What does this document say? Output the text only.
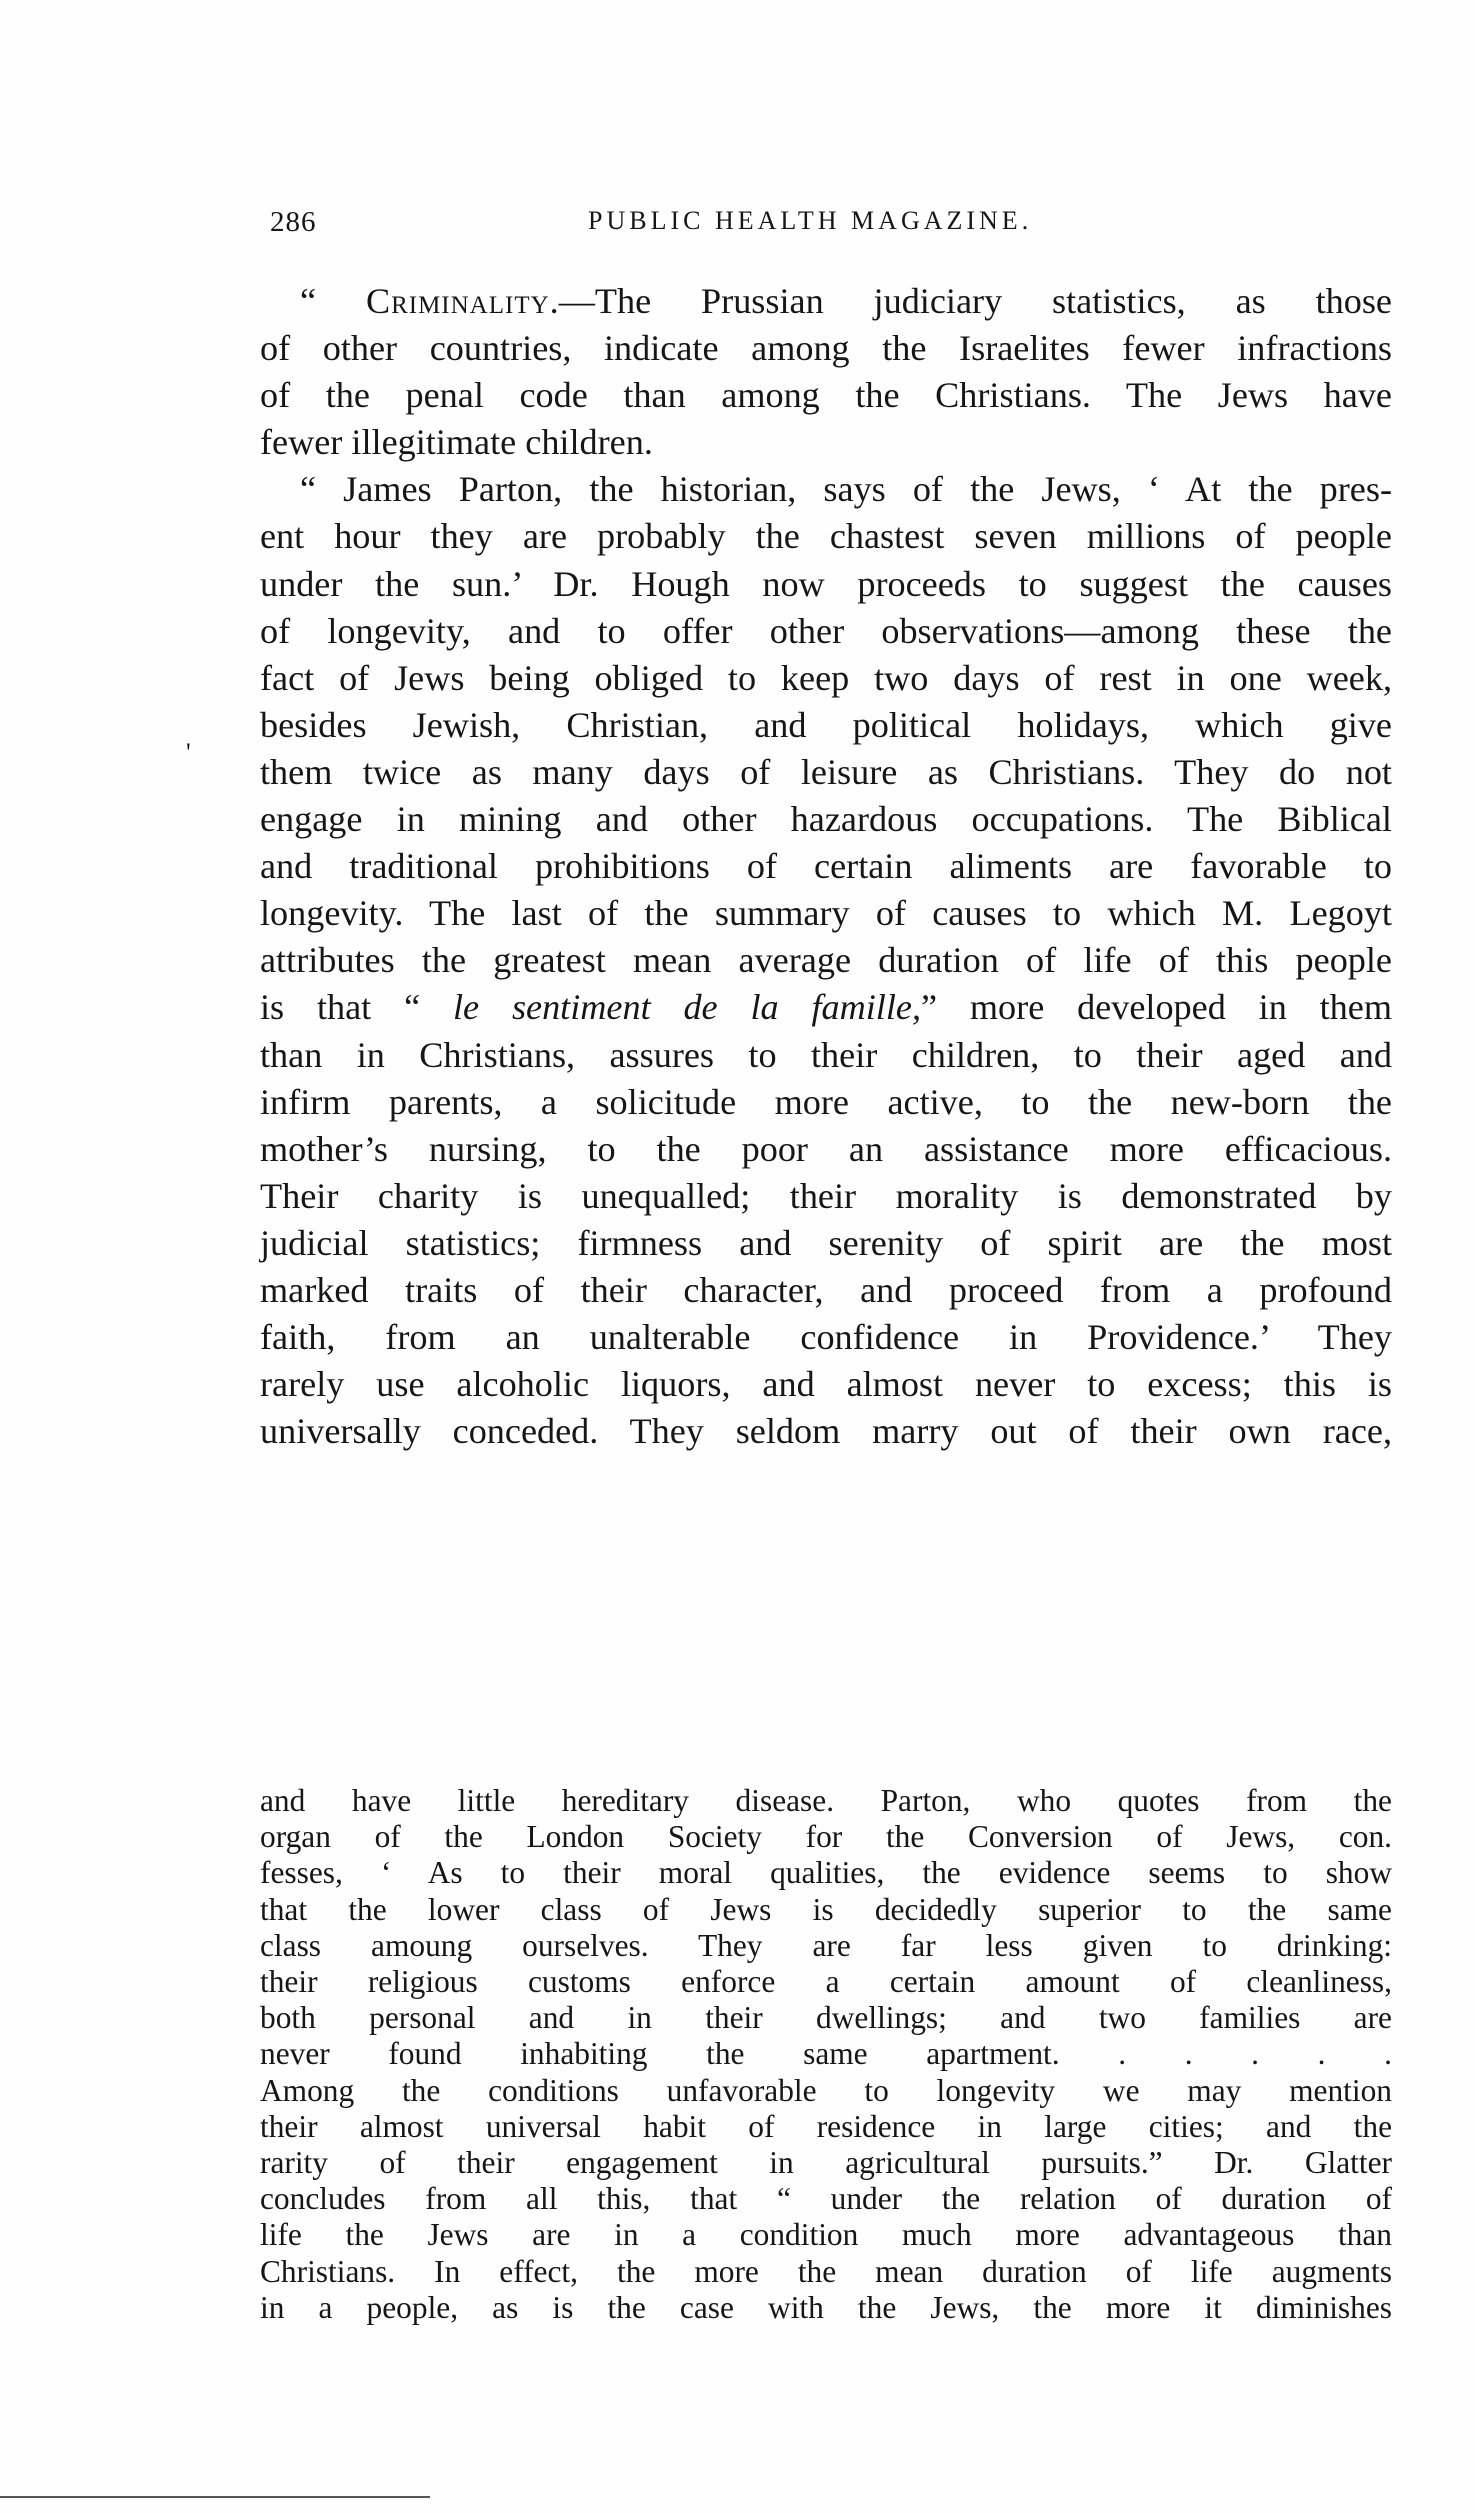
286	PUBLIC HEALTH MAGAZINE.
'
“ Criminality.—The Prussian judiciary statistics, as those
of other countries, indicate among the Israelites fewer infractions
of the penal code than among the Christians. The Jews have
fewer illegitimate children.
“ James Parton, the historian, says of the Jews, ‘ At the pres-
ent hour they are probably the chastest seven millions of people
under the sun.’ Dr. Hough now proceeds to suggest the causes
of longevity, and to offer other observations—among these the
fact of Jews being obliged to keep two days of rest in one week,
besides Jewish, Christian, and political holidays, which give
them twice as many days of leisure as Christians. They do not
engage in mining and other hazardous occupations. The Biblical
and traditional prohibitions of certain aliments are favorable to
longevity. The last of the summary of causes to which M. Legoyt
attributes the greatest mean average duration of life of this people
is that “ le sentiment de la famille,” more developed in them
than in Christians, assures to their children, to their aged and
infirm parents, a solicitude more active, to the new-born the
mother’s nursing, to the poor an assistance more efficacious.
Their charity is unequalled; their morality is demonstrated by
judicial statistics; firmness and serenity of spirit are the most
marked traits of their character, and proceed from a profound
faith, from an unalterable confidence in Providence.’ They
rarely use alcoholic liquors, and almost never to excess; this is
universally conceded. They seldom marry out of their own race,
and have little hereditary disease. Parton, who quotes from the
organ of the London Society for the Conversion of Jews, con.
fesses, ‘ As to their moral qualities, the evidence seems to show
that the lower class of Jews is decidedly superior to the same
class amoung ourselves. They are far less given to drinking:
their religious customs enforce a certain amount of cleanliness,
both personal and in their dwellings; and two families are
never found inhabiting the same apartment. . . . . .
Among the conditions unfavorable to longevity we may mention
their almost universal habit of residence in large cities; and the
rarity of their engagement in agricultural pursuits.” Dr. Glatter
concludes from all this, that “ under the relation of duration of
life the Jews are in a condition much more advantageous than
Christians. In effect, the more the mean duration of life augments
in a people, as is the case with the Jews, the more it diminishes
